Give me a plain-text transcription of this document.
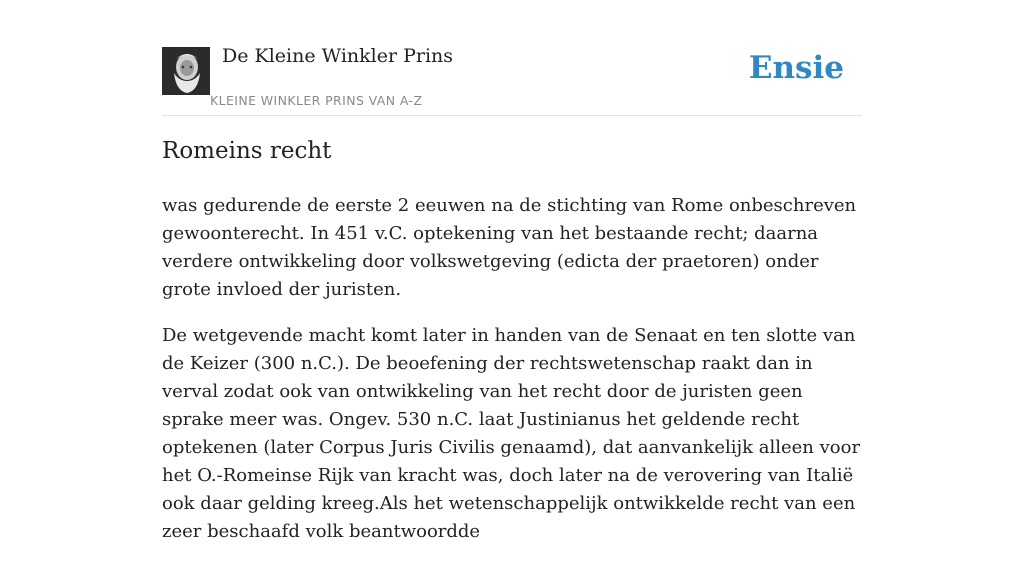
De Kleine Winkler Prins
KLEINE WINKLER PRINS VAN A-Z
Ensie
Romeins recht

was gedurende de eerste 2 eeuwen na de stichting van Rome onbeschreven gewoonterecht. In 451 v.C. optekening van het bestaande recht; daarna verdere ontwikkeling door volkswetgeving (edicta der praetoren) onder grote invloed der juristen.

De wetgevende macht komt later in handen van de Senaat en ten slotte van de Keizer (300 n.C.). De beoefening der rechtswetenschap raakt dan in verval zodat ook van ontwikkeling van het recht door de juristen geen sprake meer was. Ongev. 530 n.C. laat Justinianus het geldende recht optekenen (later Corpus Juris Civilis genaamd), dat aanvankelijk alleen voor het O.-Romeinse Rijk van kracht was, doch later na de verovering van Italië ook daar gelding kreeg.Als het wetenschappelijk ontwikkelde recht van een zeer beschaafd volk beantwoordde
